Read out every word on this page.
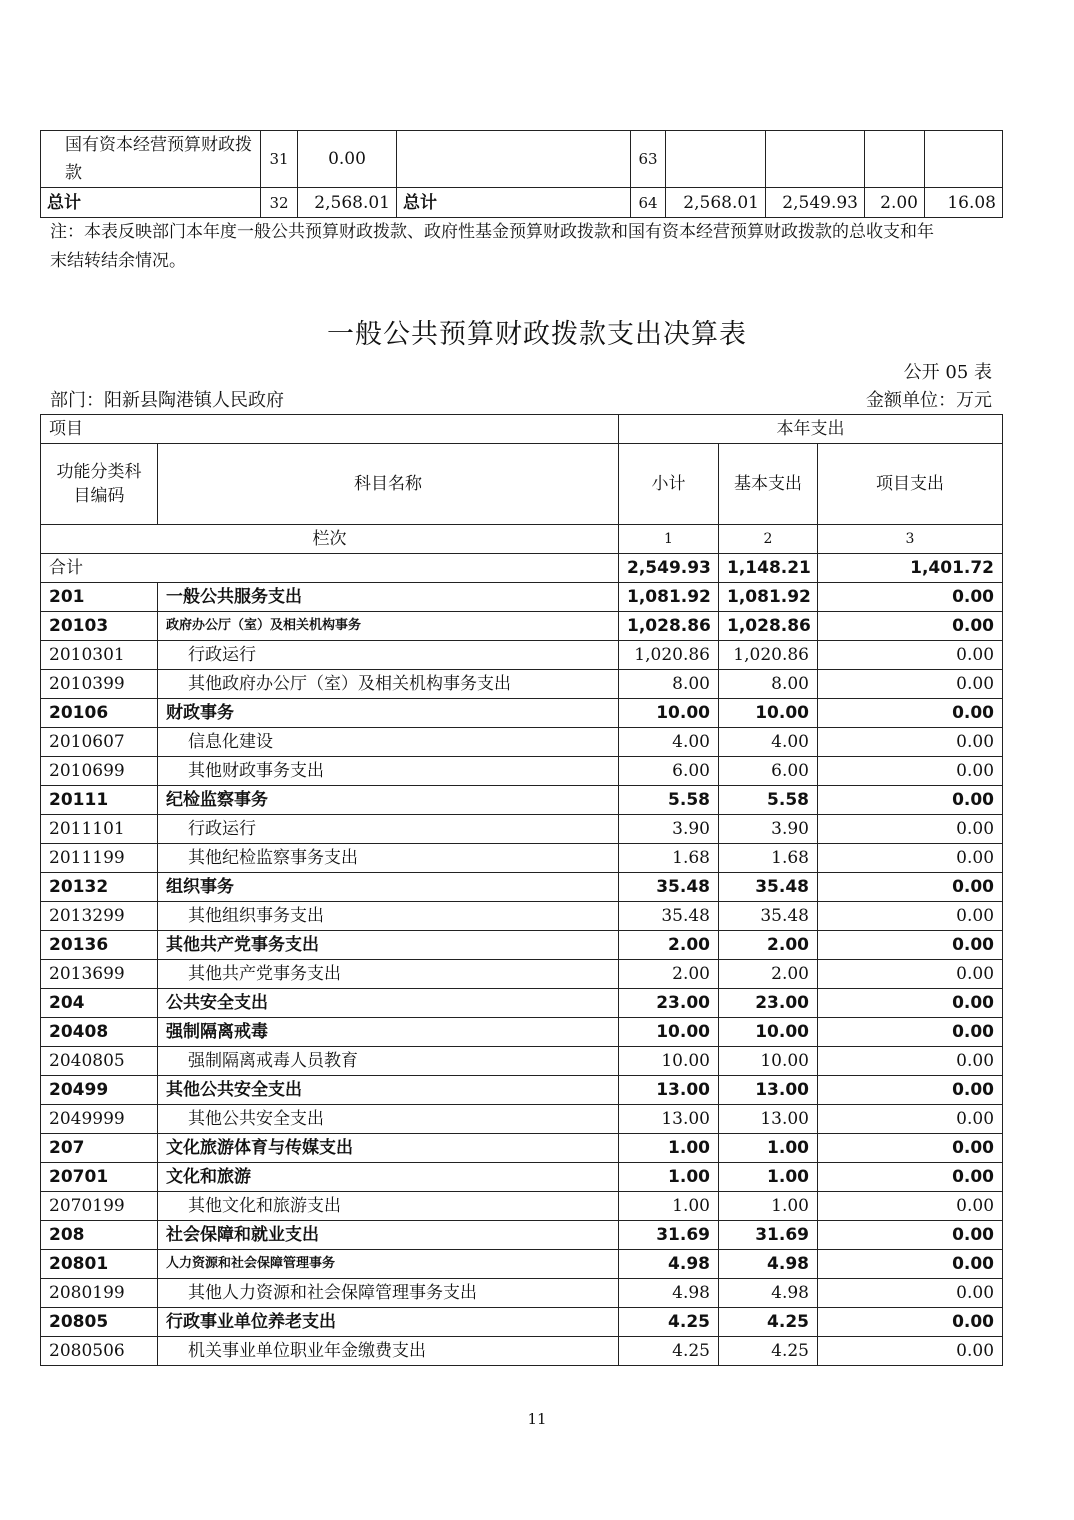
国有资本经营预算财政拨款	31	0.00		63				
总计	32	2,568.01	总计	64	2,568.01	2,549.93	2.00	16.08
注：本表反映部门本年度一般公共预算财政拨款、政府性基金预算财政拨款和国有资本经营预算财政拨款的总收支和年末结转结余情况。
一般公共预算财政拨款支出决算表
公开 05 表
部门：阳新县陶港镇人民政府	金额单位：万元
项目		本年支出		
功能分类科目编码	科目名称	小计	基本支出	项目支出
栏次		1	2	3
合计		2,549.93	1,148.21	1,401.72
201	一般公共服务支出	1,081.92	1,081.92	0.00
20103	政府办公厅（室）及相关机构事务	1,028.86	1,028.86	0.00
2010301	行政运行	1,020.86	1,020.86	0.00
2010399	其他政府办公厅（室）及相关机构事务支出	8.00	8.00	0.00
20106	财政事务	10.00	10.00	0.00
2010607	信息化建设	4.00	4.00	0.00
2010699	其他财政事务支出	6.00	6.00	0.00
20111	纪检监察事务	5.58	5.58	0.00
2011101	行政运行	3.90	3.90	0.00
2011199	其他纪检监察事务支出	1.68	1.68	0.00
20132	组织事务	35.48	35.48	0.00
2013299	其他组织事务支出	35.48	35.48	0.00
20136	其他共产党事务支出	2.00	2.00	0.00
2013699	其他共产党事务支出	2.00	2.00	0.00
204	公共安全支出	23.00	23.00	0.00
20408	强制隔离戒毒	10.00	10.00	0.00
2040805	强制隔离戒毒人员教育	10.00	10.00	0.00
20499	其他公共安全支出	13.00	13.00	0.00
2049999	其他公共安全支出	13.00	13.00	0.00
207	文化旅游体育与传媒支出	1.00	1.00	0.00
20701	文化和旅游	1.00	1.00	0.00
2070199	其他文化和旅游支出	1.00	1.00	0.00
208	社会保障和就业支出	31.69	31.69	0.00
20801	人力资源和社会保障管理事务	4.98	4.98	0.00
2080199	其他人力资源和社会保障管理事务支出	4.98	4.98	0.00
20805	行政事业单位养老支出	4.25	4.25	0.00
2080506	机关事业单位职业年金缴费支出	4.25	4.25	0.00
11
